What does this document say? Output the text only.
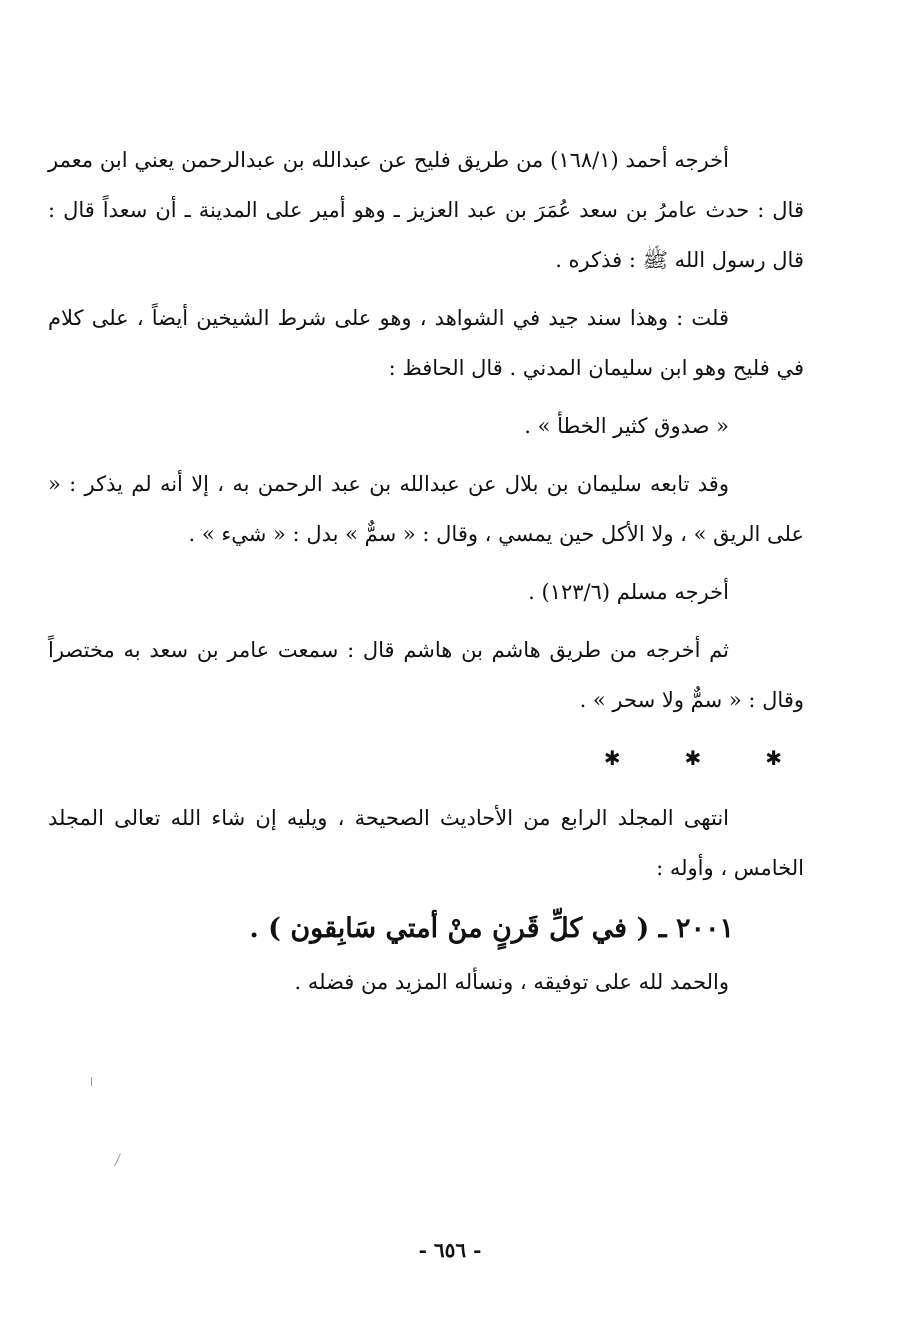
أخرجه أحمد (١٦٨/١) من طريق فليح عن عبدالله بن عبدالرحمن يعني ابن معمر قال : حدث عامرُ بن سعد عُمَرَ بن عبد العزيز ـ وهو أمير على المدينة ـ أن سعداً قال : قال رسول الله ﷺ : فذكره .

قلت : وهذا سند جيد في الشواهد ، وهو على شرط الشيخين أيضاً ، على كلام في فليح وهو ابن سليمان المدني . قال الحافظ :

« صدوق كثير الخطأ » .

وقد تابعه سليمان بن بلال عن عبدالله بن عبد الرحمن به ، إلا أنه لم يذكر : « على الريق » ، ولا الأكل حين يمسي ، وقال : « سمٌّ » بدل : « شيء » .

أخرجه مسلم (١٢٣/٦) .

ثم أخرجه من طريق هاشم بن هاشم قال : سمعت عامر بن سعد به مختصراً وقال : « سمٌّ ولا سحر » .

✱	✱	✱

انتهى المجلد الرابع من الأحاديث الصحيحة ، ويليه إن شاء الله تعالى المجلد الخامس ، وأوله :

٢٠٠١ ـ ( في كلِّ قَرنٍ منْ أمتي سَابِقون ) .

والحمد لله على توفيقه ، ونسأله المزيد من فضله .

- ٦٥٦ -
